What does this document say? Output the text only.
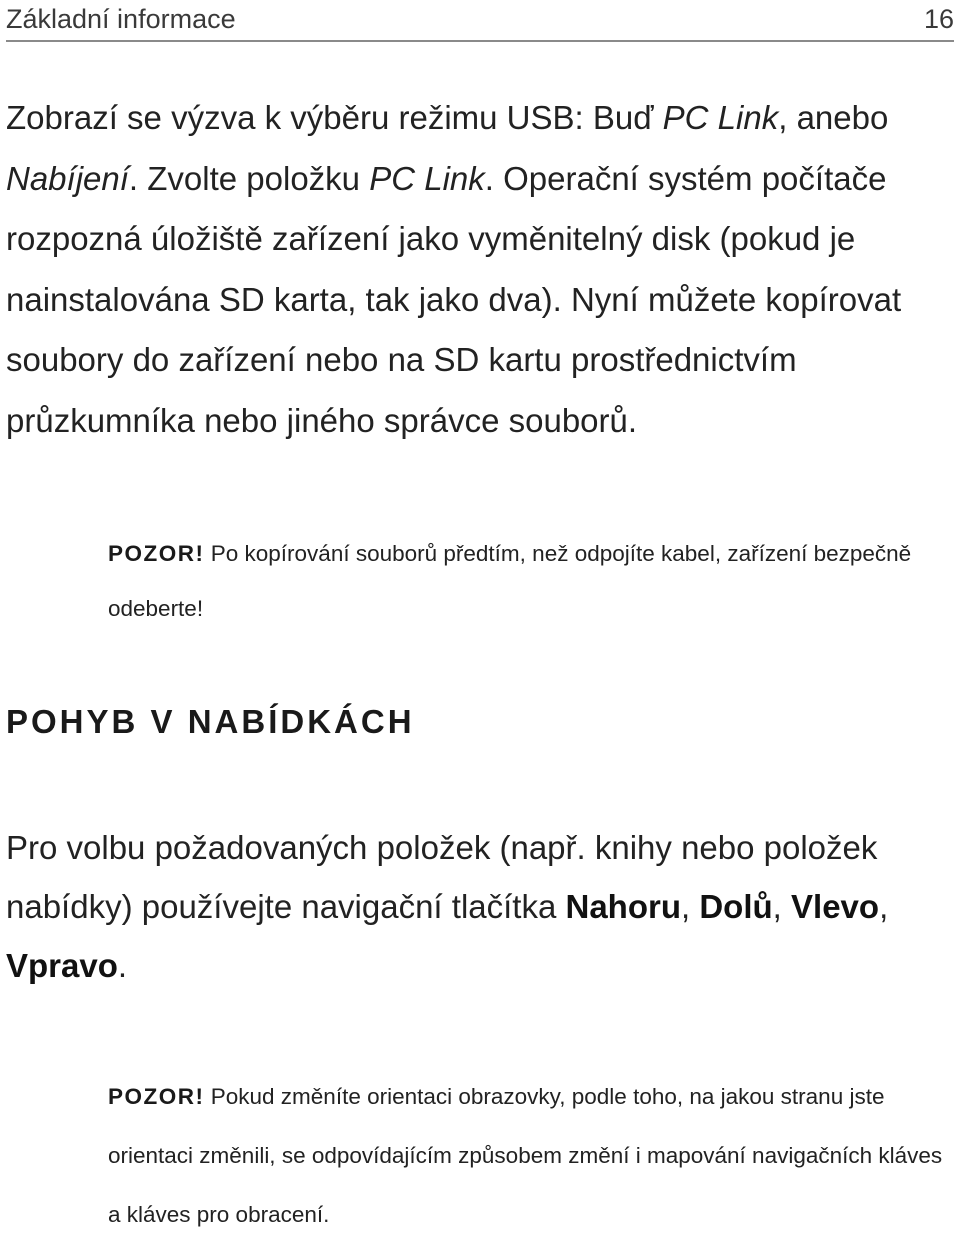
Základní informace	16

Zobrazí se výzva k výběru režimu USB: Buď PC Link, anebo Nabíjení. Zvolte položku PC Link. Operační systém počítače rozpozná úložiště zařízení jako vyměnitelný disk (pokud je nainstalována SD karta, tak jako dva). Nyní můžete kopírovat soubory do zařízení nebo na SD kartu prostřednictvím průzkumníka nebo jiného správce souborů.

POZOR! Po kopírování souborů předtím, než odpojíte kabel, zařízení bezpečně odeberte!

POHYB V NABÍDKÁCH

Pro volbu požadovaných položek (např. knihy nebo položek nabídky) používejte navigační tlačítka Nahoru, Dolů, Vlevo, Vpravo.

POZOR! Pokud změníte orientaci obrazovky, podle toho, na jakou stranu jste orientaci změnili, se odpovídajícím způsobem změní i mapování navigačních kláves a kláves pro obracení.
